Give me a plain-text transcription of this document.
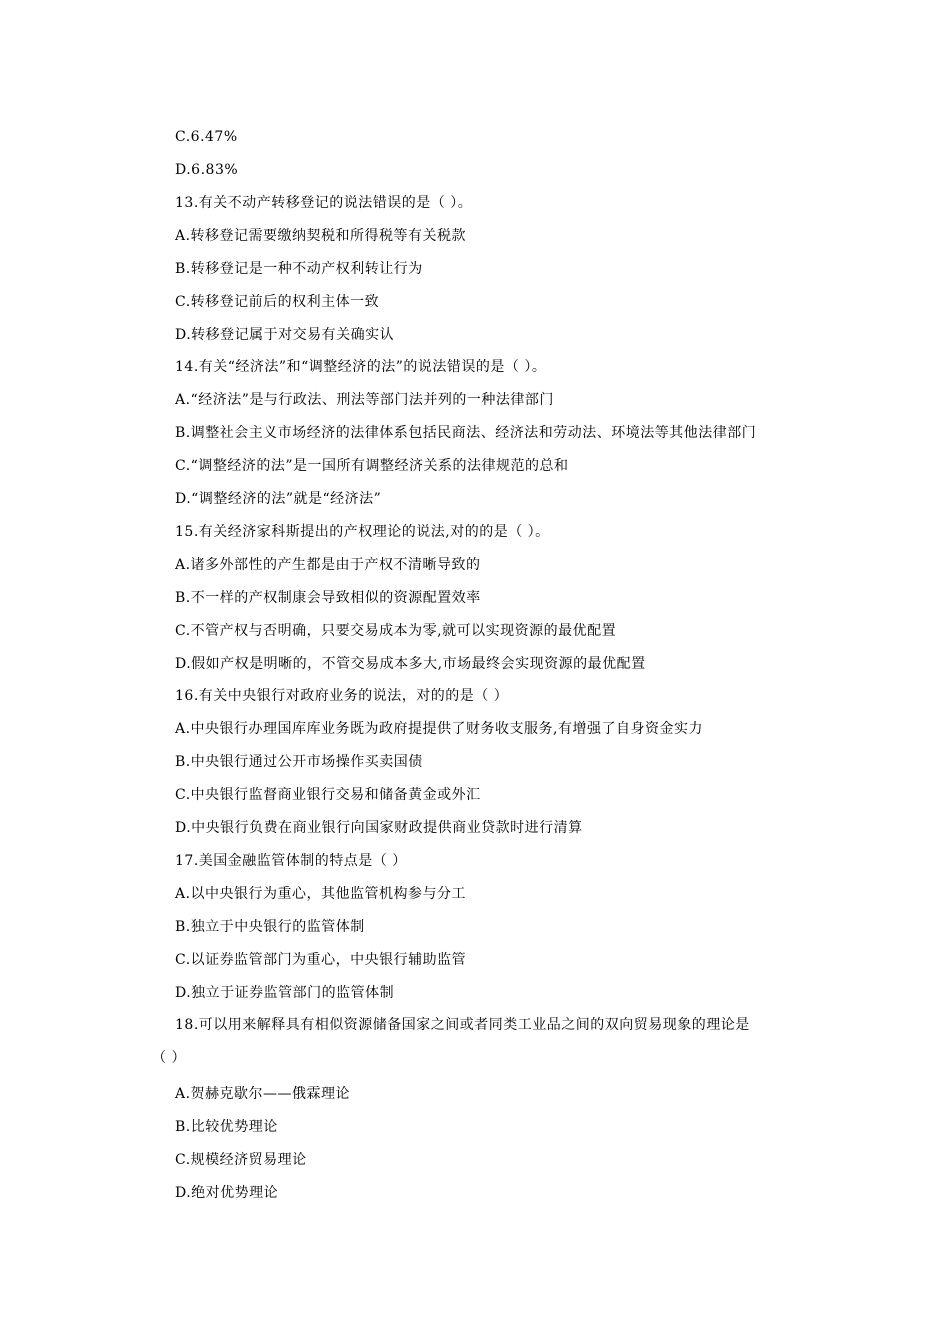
C.6.47%
D.6.83%
13.有关不动产转移登记的说法错误的是（ ）。
A.转移登记需要缴纳契税和所得税等有关税款
B.转移登记是一种不动产权利转让行为
C.转移登记前后的权利主体一致
D.转移登记属于对交易有关确实认
14.有关“经济法”和“调整经济的法”的说法错误的是（ ）。
A.“经济法”是与行政法、刑法等部门法并列的一种法律部门
B.调整社会主义市场经济的法律体系包括民商法、经济法和劳动法、环境法等其他法律部门
C.“调整经济的法”是一国所有调整经济关系的法律规范的总和
D.“调整经济的法”就是“经济法”
15.有关经济家科斯提出的产权理论的说法,对的的是（ ）。
A.诸多外部性的产生都是由于产权不清晰导致的
B.不一样的产权制康会导致相似的资源配置效率
C.不管产权与否明确，只要交易成本为零,就可以实现资源的最优配置
D.假如产权是明晰的，不管交易成本多大,市场最终会实现资源的最优配置
16.有关中央银行对政府业务的说法，对的的是（ ）
A.中央银行办理国库库业务既为政府提提供了财务收支服务,有增强了自身资金实力
B.中央银行通过公开市场操作买卖国债
C.中央银行监督商业银行交易和储备黄金或外汇
D.中央银行负费在商业银行向国家财政提供商业贷款时进行清算
17.美国金融监管体制的特点是（ ）
A.以中央银行为重心，其他监管机构参与分工
B.独立于中央银行的监管体制
C.以证券监管部门为重心，中央银行辅助监管
D.独立于证券监管部门的监管体制
18.可以用来解释具有相似资源储备国家之间或者同类工业品之间的双向贸易现象的理论是
（ ）
A.贺赫克歇尔——俄霖理论
B.比较优势理论
C.规模经济贸易理论
D.绝对优势理论
